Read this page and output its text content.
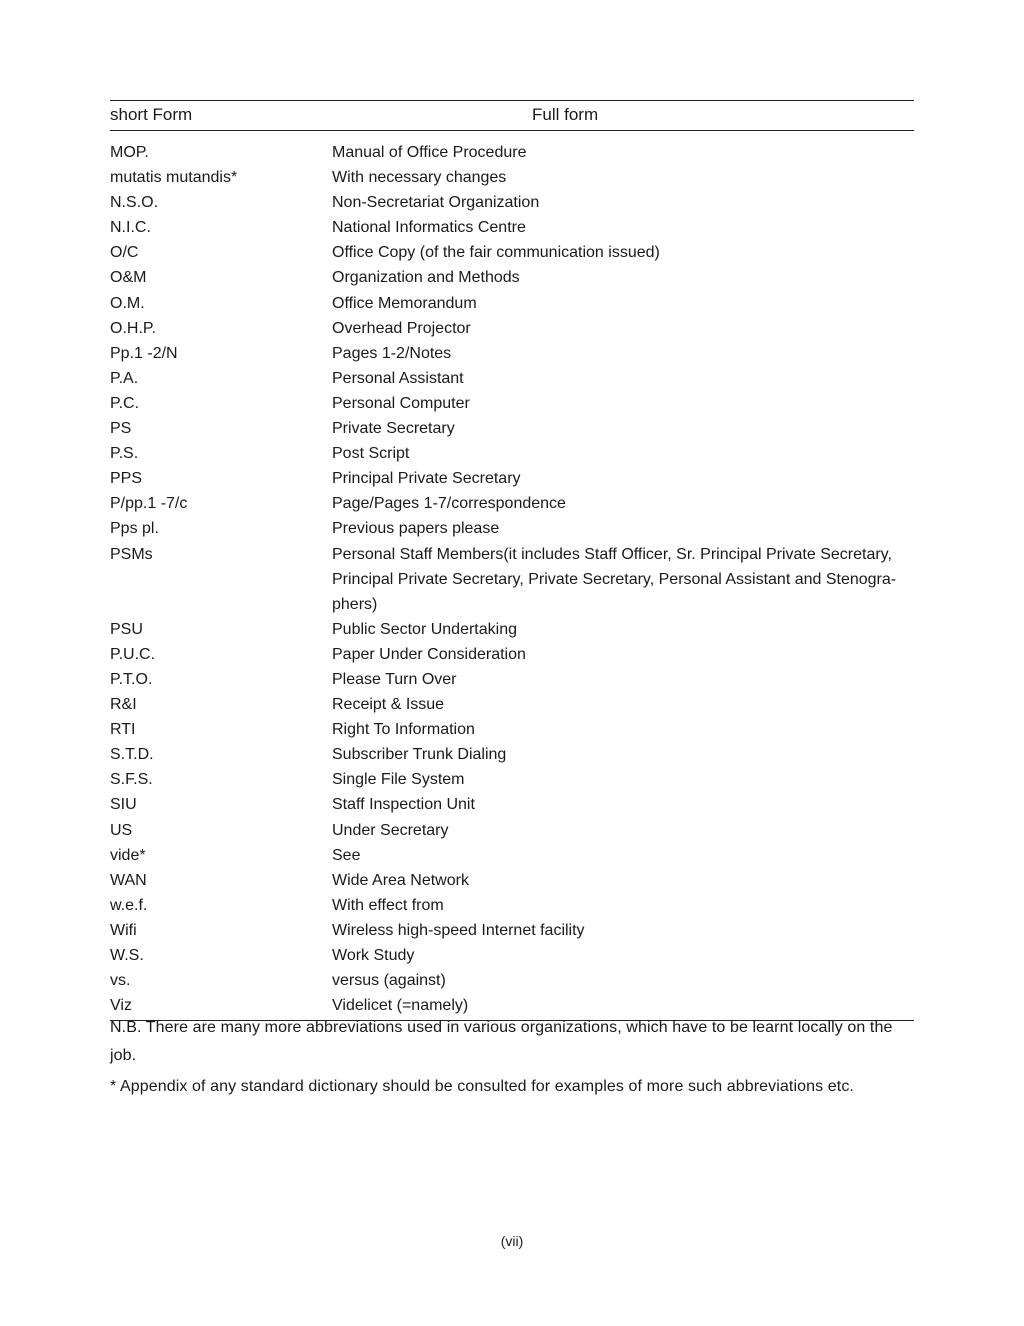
short Form	Full form
MOP.	Manual of Office Procedure
mutatis mutandis*	With necessary changes
N.S.O.	Non-Secretariat Organization
N.I.C.	National Informatics Centre
O/C	Office Copy (of the fair communication issued)
O&M	Organization and Methods
O.M.	Office Memorandum
O.H.P.	Overhead Projector
Pp.1 -2/N	Pages 1-2/Notes
P.A.	Personal Assistant
P.C.	Personal Computer
PS	Private Secretary
P.S.	Post Script
PPS	Principal Private Secretary
P/pp.1 -7/c	Page/Pages 1-7/correspondence
Pps pl.	Previous papers please
PSMs	Personal Staff Members(it includes Staff Officer, Sr. Principal Private Secretary, Principal Private Secretary, Private Secretary, Personal Assistant and Stenogra-phers)
PSU	Public Sector Undertaking
P.U.C.	Paper Under Consideration
P.T.O.	Please Turn Over
R&I	Receipt & Issue
RTI	Right To Information
S.T.D.	Subscriber Trunk Dialing
S.F.S.	Single File System
SIU	Staff Inspection Unit
US	Under Secretary
vide*	See
WAN	Wide Area Network
w.e.f.	With effect from
Wifi	Wireless high-speed Internet facility
W.S.	Work Study
vs.	versus (against)
Viz	Videlicet (=namely)
N.B. There are many more abbreviations used in various organizations, which have to be learnt locally on the job.
* Appendix of any standard dictionary should be consulted for examples of more such abbreviations etc.
(vii)
